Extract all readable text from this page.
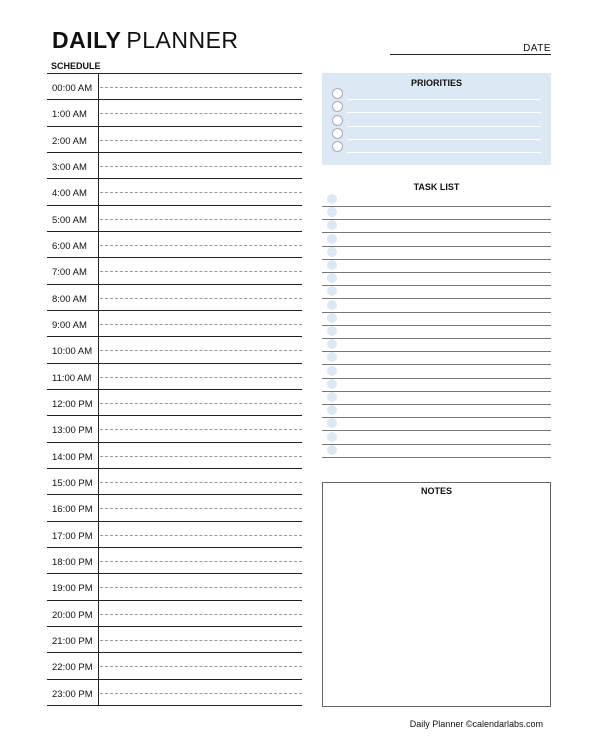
DAILY PLANNER	DATE
SCHEDULE
00:00 AM
1:00 AM
2:00 AM
3:00 AM
4:00 AM
5:00 AM
6:00 AM
7:00 AM
8:00 AM
9:00 AM
10:00 AM
11:00 AM
12:00 PM
13:00 PM
14:00 PM
15:00 PM
16:00 PM
17:00 PM
18:00 PM
19:00 PM
20:00 PM
21:00 PM
22:00 PM
23:00 PM
PRIORITIES
TASK LIST
NOTES
Daily Planner ©calendarlabs.com
